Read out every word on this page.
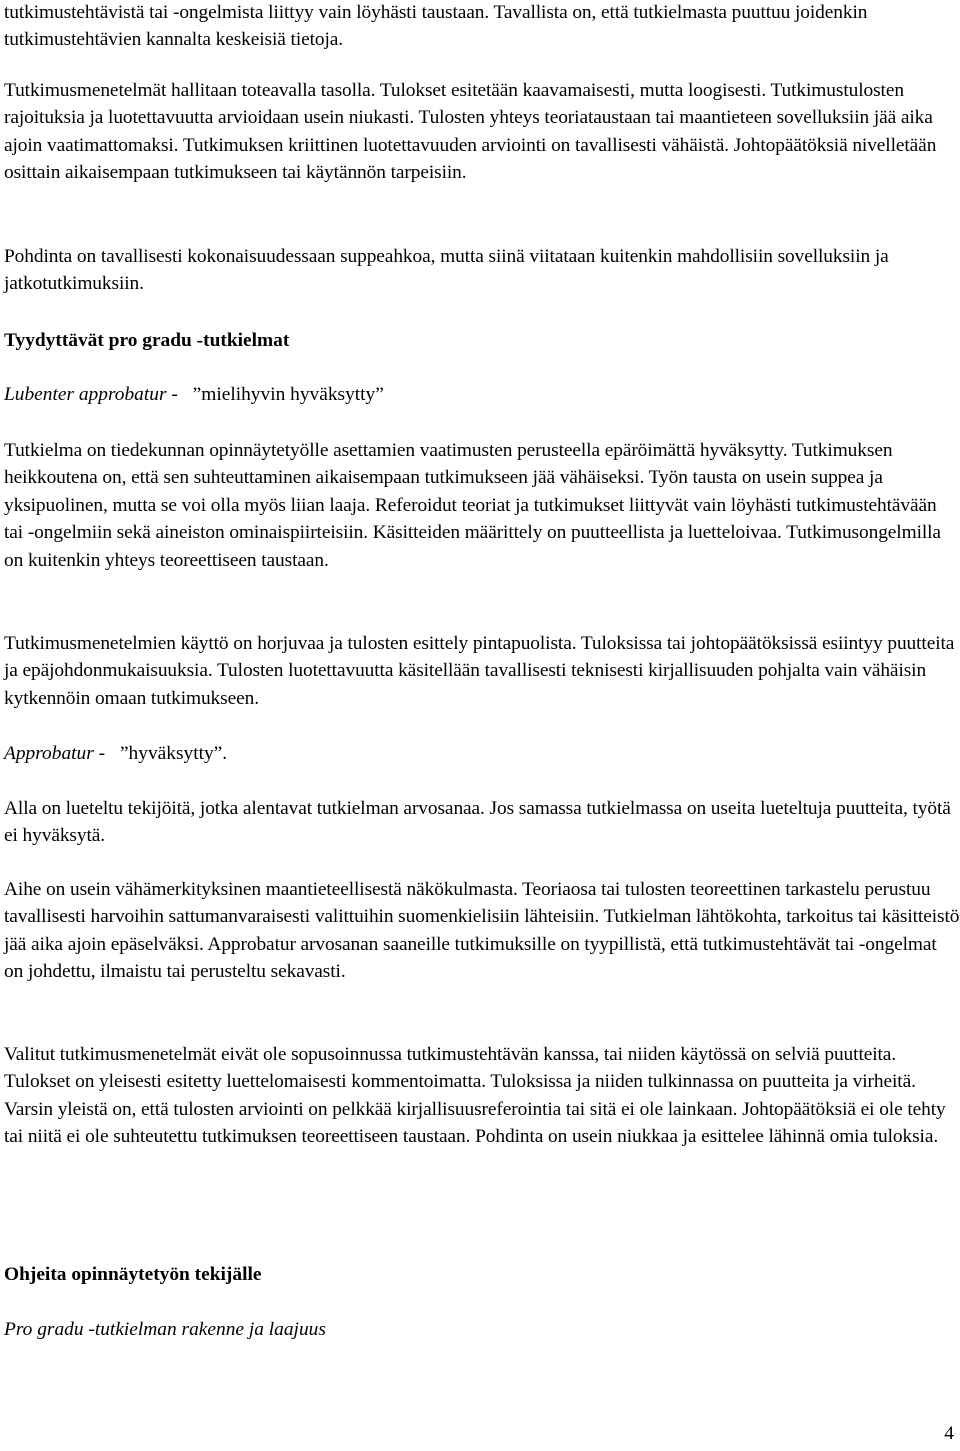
tutkimustehtävistä tai -ongelmista liittyy vain löyhästi taustaan. Tavallista on, että tutkielmasta puuttuu joidenkin tutkimustehtävien kannalta keskeisiä tietoja.

Tutkimusmenetelmät hallitaan toteavalla tasolla. Tulokset esitetään kaavamaisesti, mutta loogisesti. Tutkimustulosten rajoituksia ja luotettavuutta arvioidaan usein niukasti. Tulosten yhteys teoriataustaan tai maantieteen sovelluksiin jää aika ajoin vaatimattomaksi. Tutkimuksen kriittinen luotettavuuden arviointi on tavallisesti vähäistä. Johtopäätöksiä nivelletään osittain aikaisempaan tutkimukseen tai käytännön tarpeisiin.

Pohdinta on tavallisesti kokonaisuudessaan suppeahkoa, mutta siinä viitataan kuitenkin mahdollisiin sovelluksiin ja jatkotutkimuksiin.

Tyydyttävät pro gradu -tutkielmat

Lubenter approbatur - ”mielihyvin hyväksytty”

Tutkielma on tiedekunnan opinnäytetyölle asettamien vaatimusten perusteella epäröimättä hyväksytty. Tutkimuksen heikkoutena on, että sen suhteuttaminen aikaisempaan tutkimukseen jää vähäiseksi. Työn tausta on usein suppea ja yksipuolinen, mutta se voi olla myös liian laaja. Referoidut teoriat ja tutkimukset liittyvät vain löyhästi tutkimustehtävään tai -ongelmiin sekä aineiston ominaispiirteisiin. Käsitteiden määrittely on puutteellista ja luetteloivaa. Tutkimusongelmilla on kuitenkin yhteys teoreettiseen taustaan.

Tutkimusmenetelmien käyttö on horjuvaa ja tulosten esittely pintapuolista. Tuloksissa tai johtopäätöksissä esiintyy puutteita ja epäjohdonmukaisuuksia. Tulosten luotettavuutta käsitellään tavallisesti teknisesti kirjallisuuden pohjalta vain vähäisin kytkennöin omaan tutkimukseen.

Approbatur - ”hyväksytty”.

Alla on lueteltu tekijöitä, jotka alentavat tutkielman arvosanaa. Jos samassa tutkielmassa on useita lueteltuja puutteita, työtä ei hyväksytä.

Aihe on usein vähämerkityksinen maantieteellisestä näkökulmasta. Teoriaosa tai tulosten teoreettinen tarkastelu perustuu tavallisesti harvoihin sattumanvaraisesti valittuihin suomenkielisiin lähteisiin. Tutkielman lähtökohta, tarkoitus tai käsitteistö jää aika ajoin epäselväksi. Approbatur arvosanan saaneille tutkimuksille on tyypillistä, että tutkimustehtävät tai -ongelmat on johdettu, ilmaistu tai perusteltu sekavasti.

Valitut tutkimusmenetelmät eivät ole sopusoinnussa tutkimustehtävän kanssa, tai niiden käytössä on selviä puutteita. Tulokset on yleisesti esitetty luettelomaisesti kommentoimatta. Tuloksissa ja niiden tulkinnassa on puutteita ja virheitä. Varsin yleistä on, että tulosten arviointi on pelkkää kirjallisuusreferointia tai sitä ei ole lainkaan. Johtopäätöksiä ei ole tehty tai niitä ei ole suhteutettu tutkimuksen teoreettiseen taustaan. Pohdinta on usein niukkaa ja esittelee lähinnä omia tuloksia.

Ohjeita opinnäytetyön tekijälle

Pro gradu -tutkielman rakenne ja laajuus

4
